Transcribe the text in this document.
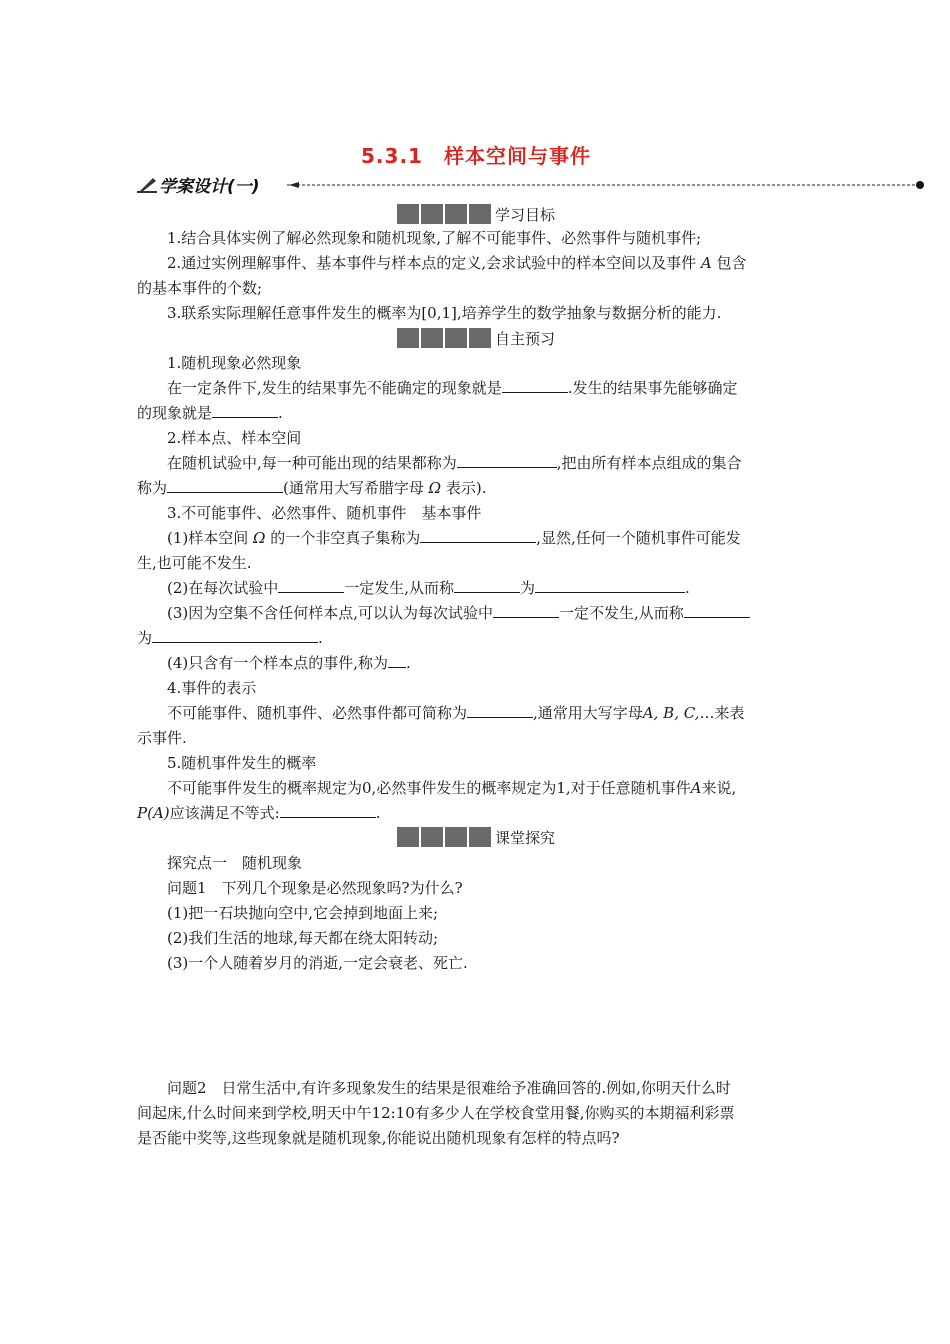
5.3.1　样本空间与事件
学案设计(一)
学习目标
1.结合具体实例了解必然现象和随机现象,了解不可能事件、必然事件与随机事件;
2.通过实例理解事件、基本事件与样本点的定义,会求试验中的样本空间以及事件 A 包含
的基本事件的个数;
3.联系实际理解任意事件发生的概率为[0,1],培养学生的数学抽象与数据分析的能力.
自主预习
1.随机现象必然现象
在一定条件下,发生的结果事先不能确定的现象就是	.发生的结果事先能够确定
的现象就是	.
2.样本点、样本空间
在随机试验中,每一种可能出现的结果都称为	,把由所有样本点组成的集合
称为	(通常用大写希腊字母 Ω 表示).
3.不可能事件、必然事件、随机事件　基本事件
(1)样本空间 Ω 的一个非空真子集称为	,显然,任何一个随机事件可能发
生,也可能不发生.
(2)在每次试验中	一定发生,从而称	为	.
(3)因为空集不含任何样本点,可以认为每次试验中	一定不发生,从而称
为	.
(4)只含有一个样本点的事件,称为 .
4.事件的表示
不可能事件、随机事件、必然事件都可简称为	,通常用大写字母A, B, C,…来表
示事件.
5.随机事件发生的概率
不可能事件发生的概率规定为0,必然事件发生的概率规定为1,对于任意随机事件A来说,
P(A)应该满足不等式:	.
课堂探究
探究点一　随机现象
问题1　下列几个现象是必然现象吗?为什么?
(1)把一石块抛向空中,它会掉到地面上来;
(2)我们生活的地球,每天都在绕太阳转动;
(3)一个人随着岁月的消逝,一定会衰老、死亡.
问题2　日常生活中,有许多现象发生的结果是很难给予准确回答的.例如,你明天什么时
间起床,什么时间来到学校,明天中午12:10有多少人在学校食堂用餐,你购买的本期福利彩票
是否能中奖等,这些现象就是随机现象,你能说出随机现象有怎样的特点吗?
